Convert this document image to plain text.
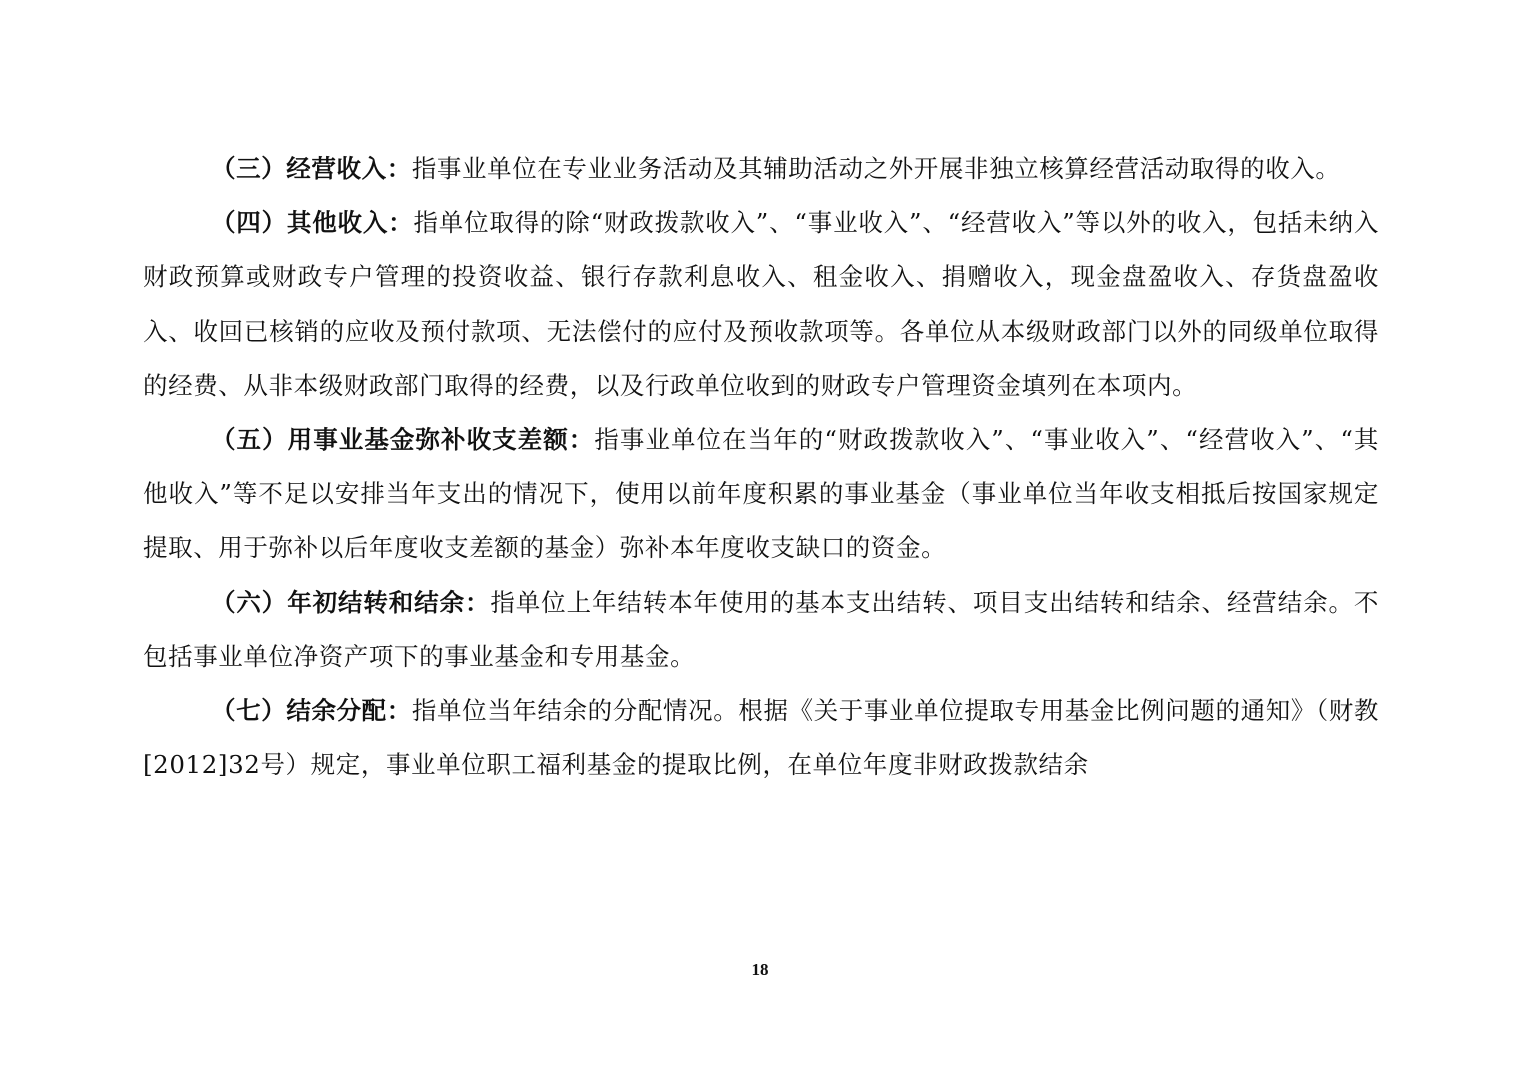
（三）经营收入：指事业单位在专业业务活动及其辅助活动之外开展非独立核算经营活动取得的收入。

（四）其他收入：指单位取得的除“财政拨款收入”、“事业收入”、“经营收入”等以外的收入，包括未纳入财政预算或财政专户管理的投资收益、银行存款利息收入、租金收入、捐赠收入，现金盘盈收入、存货盘盈收入、收回已核销的应收及预付款项、无法偿付的应付及预收款项等。各单位从本级财政部门以外的同级单位取得的经费、从非本级财政部门取得的经费，以及行政单位收到的财政专户管理资金填列在本项内。

（五）用事业基金弥补收支差额：指事业单位在当年的“财政拨款收入”、“事业收入”、“经营收入”、“其他收入”等不足以安排当年支出的情况下，使用以前年度积累的事业基金（事业单位当年收支相抵后按国家规定提取、用于弥补以后年度收支差额的基金）弥补本年度收支缺口的资金。

（六）年初结转和结余：指单位上年结转本年使用的基本支出结转、项目支出结转和结余、经营结余。不包括事业单位净资产项下的事业基金和专用基金。

（七）结余分配：指单位当年结余的分配情况。根据《关于事业单位提取专用基金比例问题的通知》（财教[2012]32号）规定，事业单位职工福利基金的提取比例，在单位年度非财政拨款结余

18
